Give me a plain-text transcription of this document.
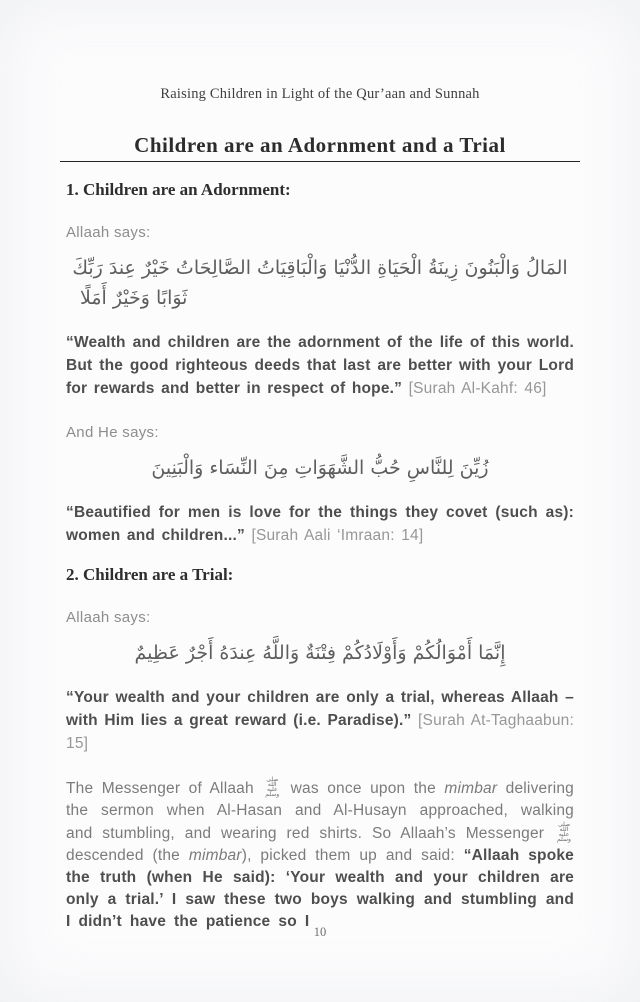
Raising Children in Light of the Qur’aan and Sunnah
Children are an Adornment and a Trial
1. Children are an Adornment:
Allaah says:
المَالُ وَالْبَنُونَ زِينَةُ الْحَيَاةِ الدُّنْيَا وَالْبَاقِيَاتُ الصَّالِحَاتُ خَيْرٌ عِندَ رَبِّكَ
ثَوَابًا وَخَيْرٌ أَمَلًا

“Wealth and children are the adornment of the life of this world. But the good righteous deeds that last are better with your Lord for rewards and better in respect of hope.” [Surah Al-Kahf: 46]

And He says:
زُيِّنَ لِلنَّاسِ حُبُّ الشَّهَوَاتِ مِنَ النِّسَاء وَالْبَنِينَ

“Beautified for men is love for the things they covet (such as): women and children...” [Surah Aali ‘Imraan: 14]

2. Children are a Trial:
Allaah says:
إِنَّمَا أَمْوَالُكُمْ وَأَوْلَادُكُمْ فِتْنَةٌ وَاللَّهُ عِندَهُ أَجْرٌ عَظِيمٌ

“Your wealth and your children are only a trial, whereas Allaah – with Him lies a great reward (i.e. Paradise).” [Surah At-Taghaabun: 15]

The Messenger of Allaah صلى الله عليه وسلم was once upon the mimbar delivering the sermon when Al-Hasan and Al-Husayn approached, walking and stumbling, and wearing red shirts. So Allaah’s Messenger صلى الله عليه وسلم descended (the mimbar), picked them up and said: “Allaah spoke the truth (when He said): ‘Your wealth and your children are only a trial.’ I saw these two boys walking and stumbling and I didn’t have the patience so I

10
